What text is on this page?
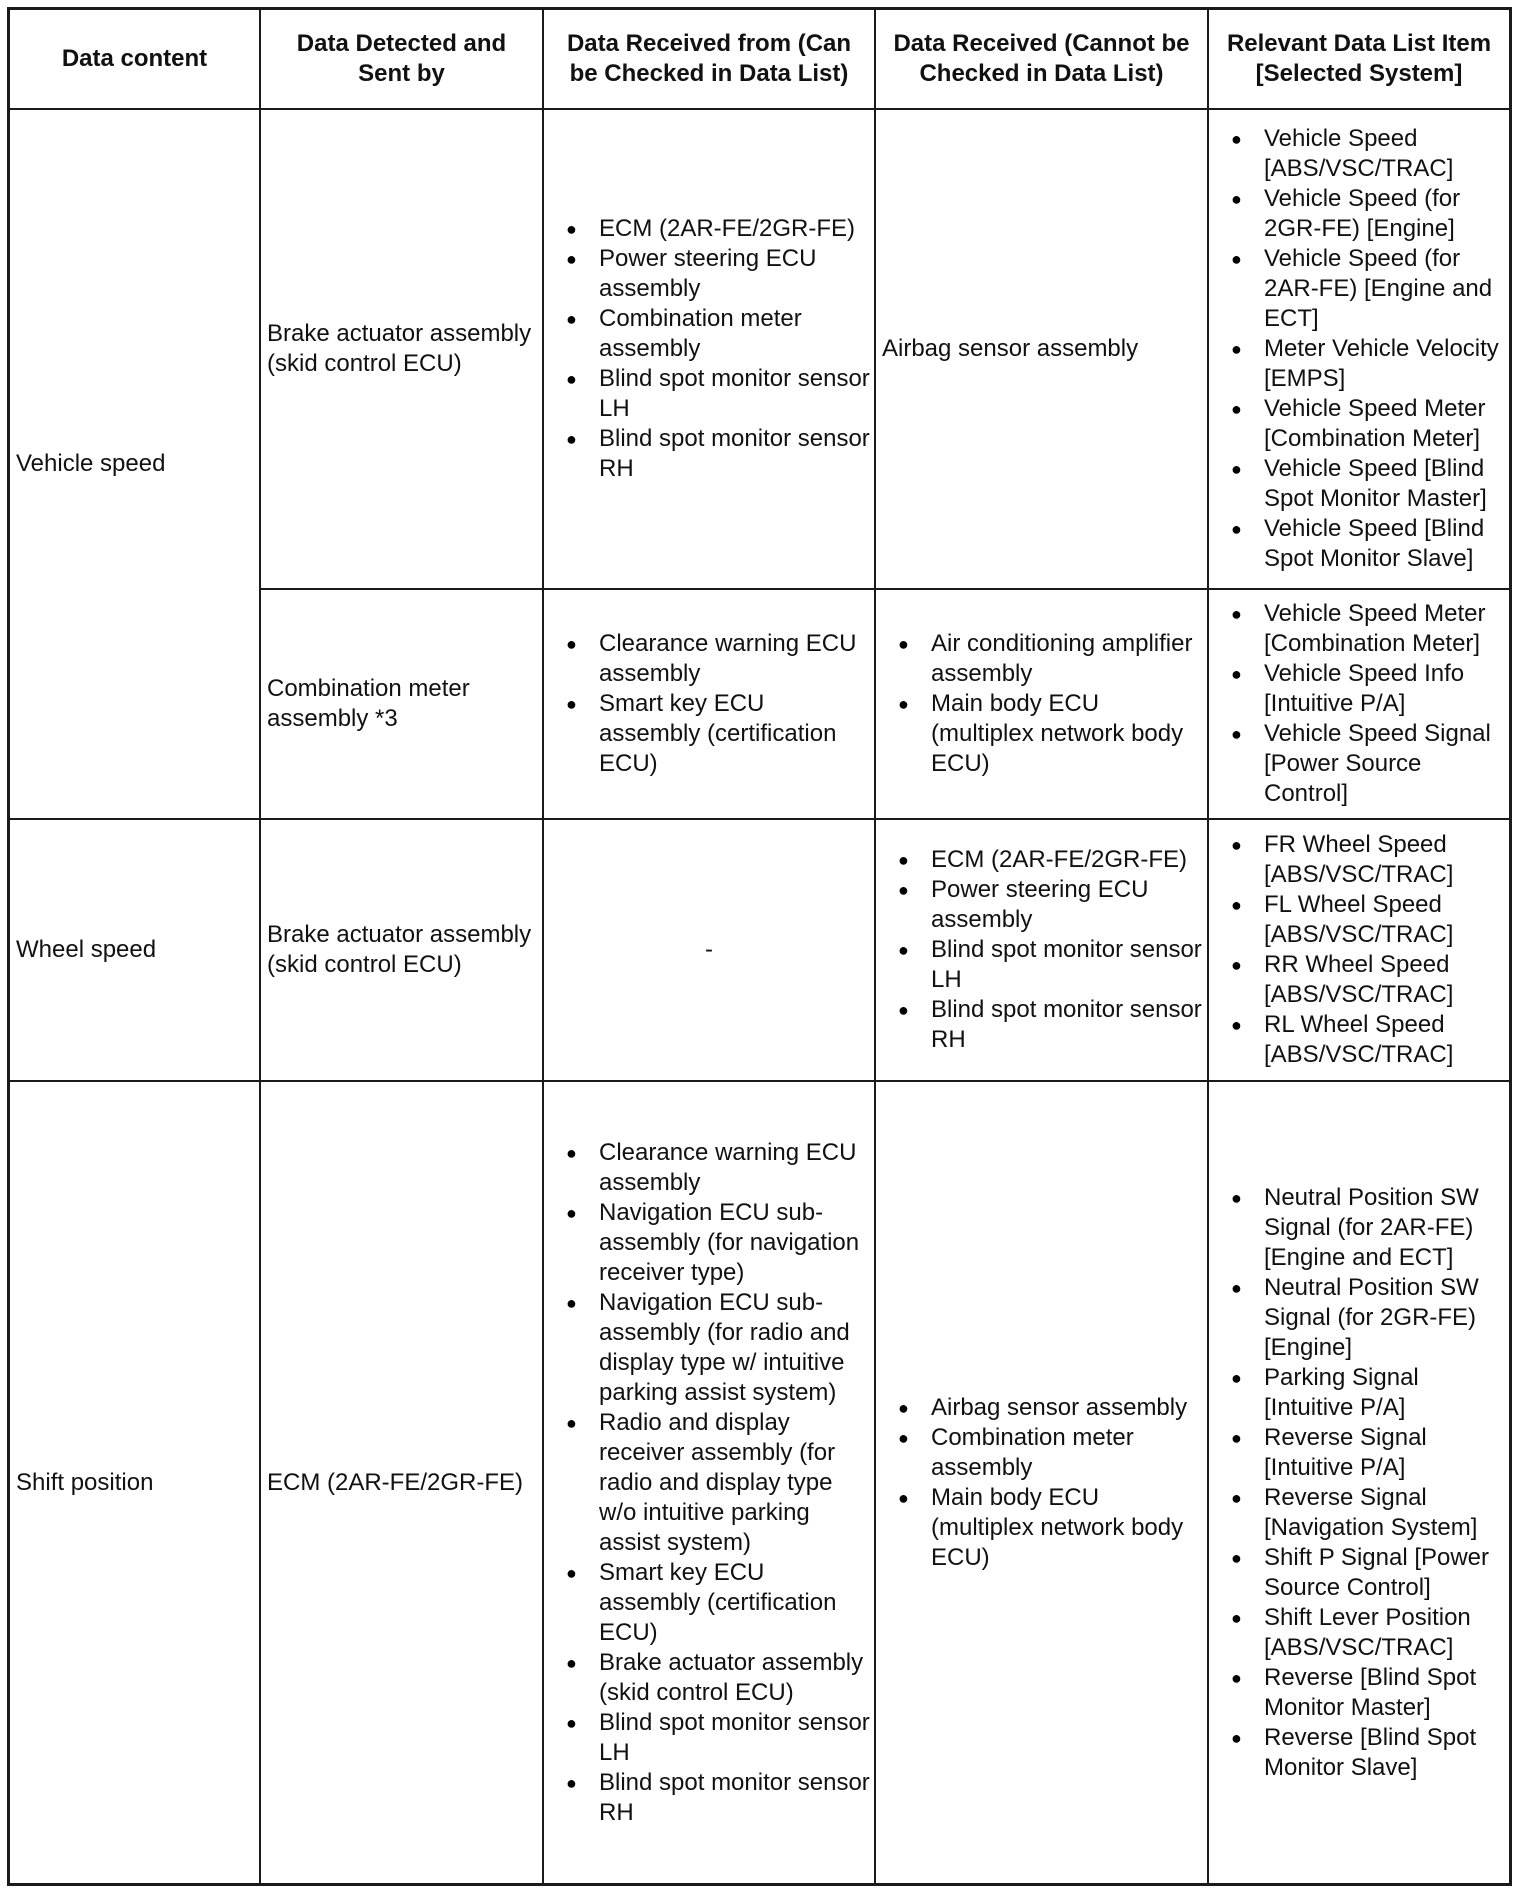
Data content
Data Detected and Sent by
Data Received from (Can be Checked in Data List)
Data Received (Cannot be Checked in Data List)
Relevant Data List Item [Selected System]
Vehicle speed
Brake actuator assembly (skid control ECU)
● ECM (2AR-FE/2GR-FE)
● Power steering ECU assembly
● Combination meter assembly
● Blind spot monitor sensor LH
● Blind spot monitor sensor RH
Airbag sensor assembly
● Vehicle Speed [ABS/VSC/TRAC]
● Vehicle Speed (for 2GR-FE) [Engine]
● Vehicle Speed (for 2AR-FE) [Engine and ECT]
● Meter Vehicle Velocity [EMPS]
● Vehicle Speed Meter [Combination Meter]
● Vehicle Speed [Blind Spot Monitor Master]
● Vehicle Speed [Blind Spot Monitor Slave]
Combination meter assembly *3
● Clearance warning ECU assembly
● Smart key ECU assembly (certification ECU)
● Air conditioning amplifier assembly
● Main body ECU (multiplex network body ECU)
● Vehicle Speed Meter [Combination Meter]
● Vehicle Speed Info [Intuitive P/A]
● Vehicle Speed Signal [Power Source Control]
Wheel speed
Brake actuator assembly (skid control ECU)
-
● ECM (2AR-FE/2GR-FE)
● Power steering ECU assembly
● Blind spot monitor sensor LH
● Blind spot monitor sensor RH
● FR Wheel Speed [ABS/VSC/TRAC]
● FL Wheel Speed [ABS/VSC/TRAC]
● RR Wheel Speed [ABS/VSC/TRAC]
● RL Wheel Speed [ABS/VSC/TRAC]
Shift position	ECM (2AR-FE/2GR-FE)
● Clearance warning ECU assembly
● Navigation ECU sub-assembly (for navigation receiver type)
● Navigation ECU sub-assembly (for radio and display type w/ intuitive parking assist system)
● Radio and display receiver assembly (for radio and display type w/o intuitive parking assist system)
● Smart key ECU assembly (certification ECU)
● Brake actuator assembly (skid control ECU)
● Blind spot monitor sensor LH
● Blind spot monitor sensor RH
● Airbag sensor assembly
● Combination meter assembly
● Main body ECU (multiplex network body ECU)
● Neutral Position SW Signal (for 2AR-FE) [Engine and ECT]
● Neutral Position SW Signal (for 2GR-FE) [Engine]
● Parking Signal [Intuitive P/A]
● Reverse Signal [Intuitive P/A]
● Reverse Signal [Navigation System]
● Shift P Signal [Power Source Control]
● Shift Lever Position [ABS/VSC/TRAC]
● Reverse [Blind Spot Monitor Master]
● Reverse [Blind Spot Monitor Slave]
